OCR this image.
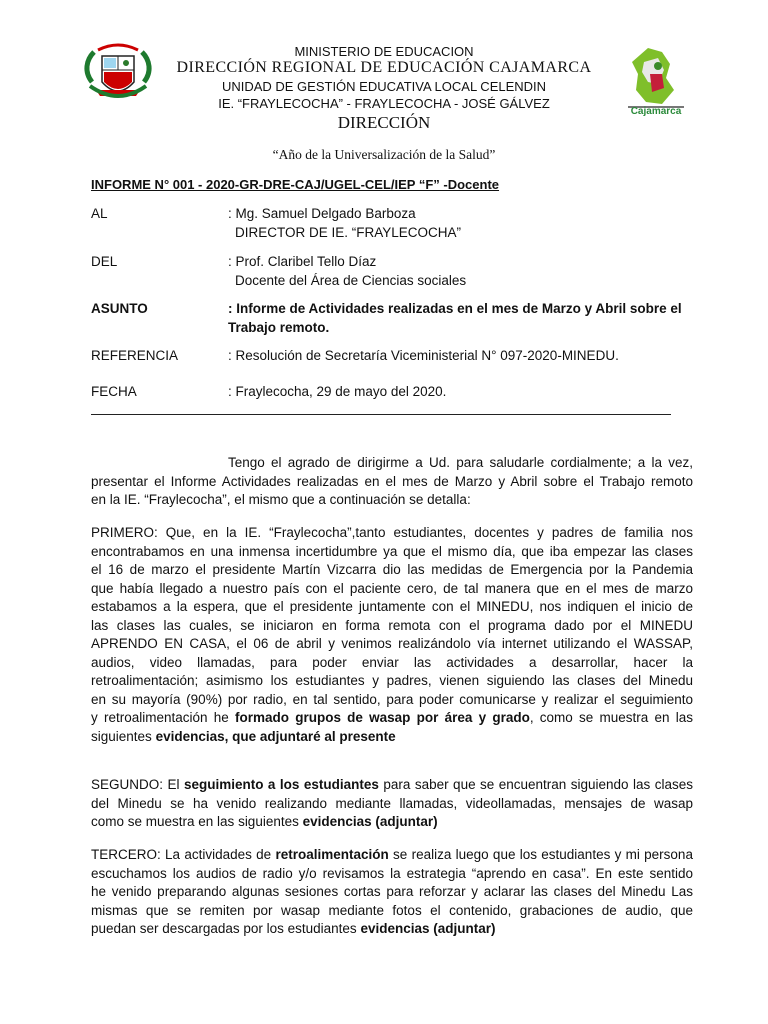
Cajamarca
MINISTERIO DE EDUCACION
DIRECCIÓN REGIONAL DE EDUCACIÓN CAJAMARCA
UNIDAD DE GESTIÓN EDUCATIVA LOCAL CELENDIN
IE. “FRAYLECOCHA” - FRAYLECOCHA - JOSÉ GÁLVEZ
DIRECCIÓN
“Año de la Universalización de la Salud”
INFORME N° 001 - 2020-GR-DRE-CAJ/UGEL-CEL/IEP “F” -Docente
AL	: Mg. Samuel Delgado Barboza
DIRECTOR DE IE. “FRAYLECOCHA”
DEL	: Prof. Claribel Tello Díaz
Docente del Área de Ciencias sociales
ASUNTO	: Informe de Actividades realizadas en el mes de Marzo y Abril sobre el
Trabajo remoto.
REFERENCIA	: Resolución de Secretaría Viceministerial N° 097-2020-MINEDU.
FECHA	: Fraylecocha, 29 de mayo del 2020.
Tengo el agrado de dirigirme a Ud. para saludarle cordialmente; a la vez,
presentar el Informe Actividades realizadas en el mes de Marzo y Abril sobre el Trabajo remoto
en la IE. “Fraylecocha”, el mismo que a continuación se detalla:
PRIMERO: Que, en la IE. “Fraylecocha”,tanto estudiantes, docentes y padres de familia nos
encontrabamos en una inmensa incertidumbre ya que el mismo día, que iba empezar las clases
el 16 de marzo el presidente Martín Vizcarra dio las medidas de Emergencia por la Pandemia
que había llegado a nuestro país con el paciente cero, de tal manera que en el mes de marzo
estabamos a la espera, que el presidente juntamente con el MINEDU, nos indiquen el inicio de
las clases las cuales, se iniciaron en forma remota con el programa dado por el MINEDU
APRENDO EN CASA, el 06 de abril y venimos realizándolo vía internet utilizando el WASSAP,
audios, video llamadas, para poder enviar las actividades a desarrollar, hacer la
retroalimentación; asimismo los estudiantes y padres, vienen siguiendo las clases del Minedu
en su mayoría (90%) por radio, en tal sentido, para poder comunicarse y realizar el seguimiento
y retroalimentación he formado grupos de wasap por área y grado, como se muestra en las
siguientes evidencias, que adjuntaré al presente
SEGUNDO: El seguimiento a los estudiantes para saber que se encuentran siguiendo las clases
del Minedu se ha venido realizando mediante llamadas, videollamadas, mensajes de wasap
como se muestra en las siguientes evidencias (adjuntar)
TERCERO: La actividades de retroalimentación se realiza luego que los estudiantes y mi persona
escuchamos los audios de radio y/o revisamos la estrategia “aprendo en casa”. En este sentido
he venido preparando algunas sesiones cortas para reforzar y aclarar las clases del Minedu Las
mismas que se remiten por wasap mediante fotos el contenido, grabaciones de audio, que
puedan ser descargadas por los estudiantes evidencias (adjuntar)
